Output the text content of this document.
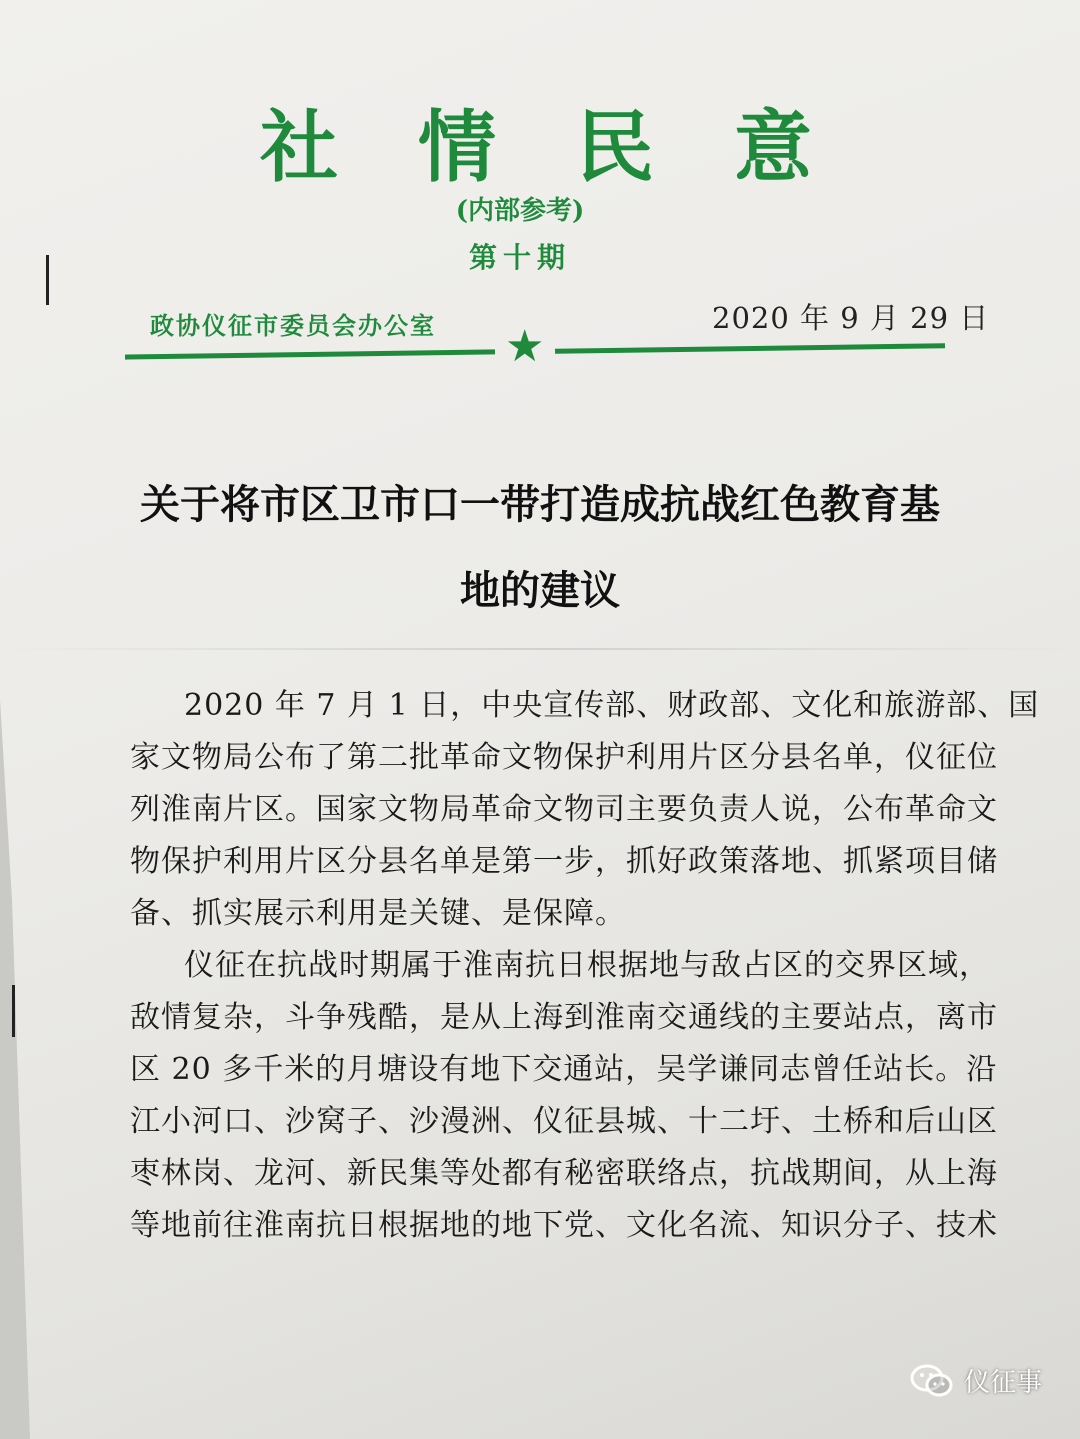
社 情 民 意
(内部参考)
第十期
政协仪征市委员会办公室	2020 年 9 月 29 日
★
关于将市区卫市口一带打造成抗战红色教育基
地的建议
2020 年 7 月 1 日，中央宣传部、财政部、文化和旅游部、国
家文物局公布了第二批革命文物保护利用片区分县名单，仪征位
列淮南片区。国家文物局革命文物司主要负责人说，公布革命文
物保护利用片区分县名单是第一步，抓好政策落地、抓紧项目储
备、抓实展示利用是关键、是保障。
仪征在抗战时期属于淮南抗日根据地与敌占区的交界区域，
敌情复杂，斗争残酷，是从上海到淮南交通线的主要站点，离市
区 20 多千米的月塘设有地下交通站，吴学谦同志曾任站长。沿
江小河口、沙窝子、沙漫洲、仪征县城、十二圩、土桥和后山区
枣林岗、龙河、新民集等处都有秘密联络点，抗战期间，从上海
等地前往淮南抗日根据地的地下党、文化名流、知识分子、技术
仪征事
